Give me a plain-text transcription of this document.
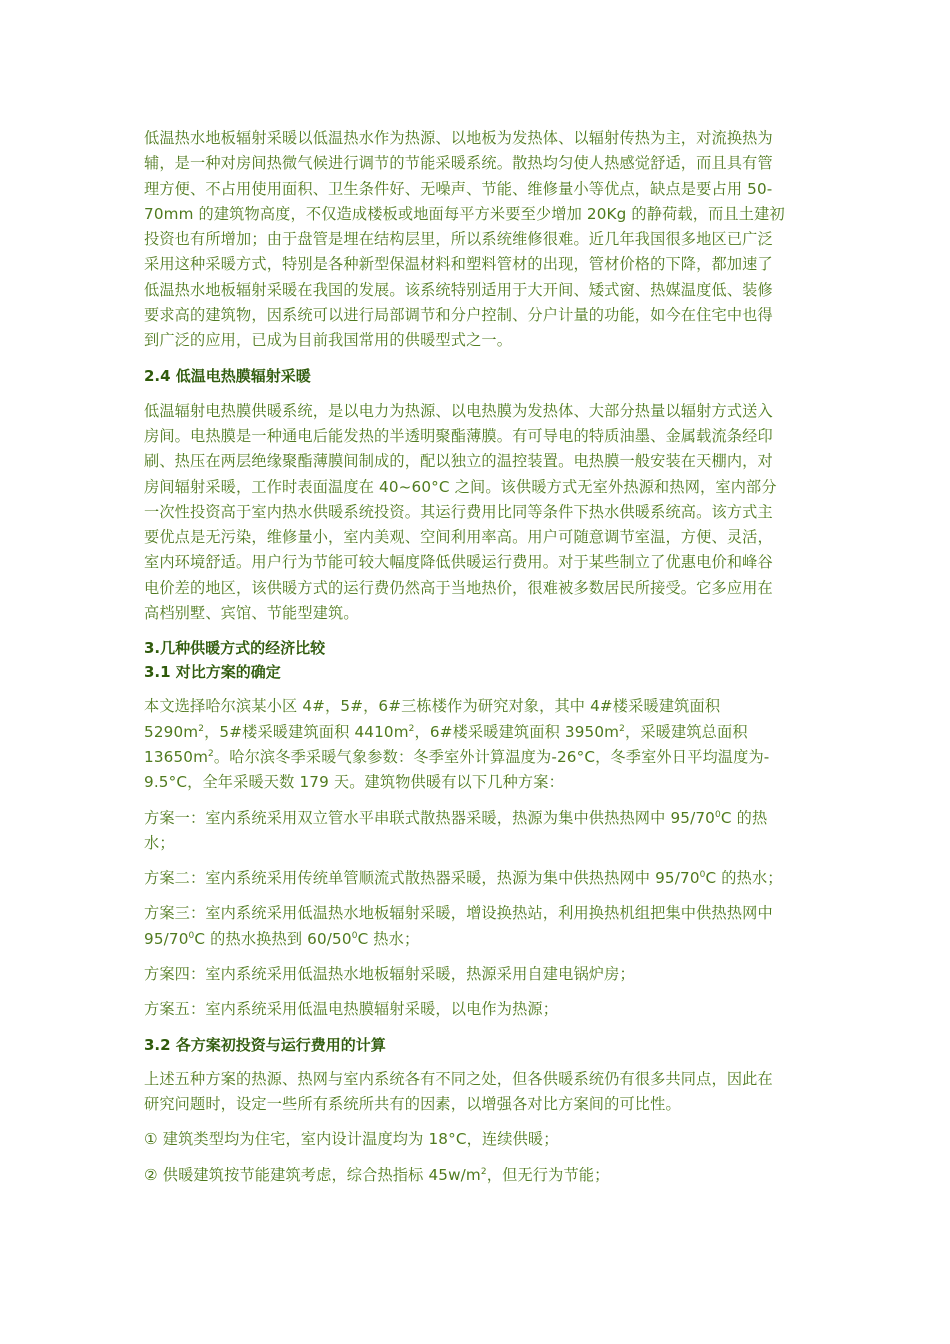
低温热水地板辐射采暖以低温热水作为热源、以地板为发热体、以辐射传热为主，对流换热为
辅，是一种对房间热微气候进行调节的节能采暖系统。散热均匀使人热感觉舒适，而且具有管
理方便、不占用使用面积、卫生条件好、无噪声、节能、维修量小等优点，缺点是要占用 50-
70mm 的建筑物高度，不仅造成楼板或地面每平方米要至少增加 20Kg 的静荷载，而且土建初
投资也有所增加；由于盘管是埋在结构层里，所以系统维修很难。近几年我国很多地区已广泛
采用这种采暖方式，特别是各种新型保温材料和塑料管材的出现，管材价格的下降，都加速了
低温热水地板辐射采暖在我国的发展。该系统特别适用于大开间、矮式窗、热媒温度低、装修
要求高的建筑物，因系统可以进行局部调节和分户控制、分户计量的功能，如今在住宅中也得
到广泛的应用，已成为目前我国常用的供暖型式之一。
2.4 低温电热膜辐射采暖
低温辐射电热膜供暖系统，是以电力为热源、以电热膜为发热体、大部分热量以辐射方式送入
房间。电热膜是一种通电后能发热的半透明聚酯薄膜。有可导电的特质油墨、金属载流条经印
刷、热压在两层绝缘聚酯薄膜间制成的，配以独立的温控装置。电热膜一般安装在天棚内，对
房间辐射采暖，工作时表面温度在 40~60°C 之间。该供暖方式无室外热源和热网，室内部分
一次性投资高于室内热水供暖系统投资。其运行费用比同等条件下热水供暖系统高。该方式主
要优点是无污染，维修量小，室内美观、空间利用率高。用户可随意调节室温，方便、灵活，
室内环境舒适。用户行为节能可较大幅度降低供暖运行费用。对于某些制立了优惠电价和峰谷
电价差的地区，该供暖方式的运行费仍然高于当地热价，很难被多数居民所接受。它多应用在
高档别墅、宾馆、节能型建筑。
3.几种供暖方式的经济比较
3.1 对比方案的确定
本文选择哈尔滨某小区 4#，5#，6#三栋楼作为研究对象，其中 4#楼采暖建筑面积
$5290m^2$，5#楼采暖建筑面积 $4410m^2$，6#楼采暖建筑面积 $3950m^2$，采暖建筑总面积
$13650m^2$。哈尔滨冬季采暖气象参数：冬季室外计算温度为-26°C，冬季室外日平均温度为-
9.5°C，全年采暖天数 179 天。建筑物供暖有以下几种方案：
方案一：室内系统采用双立管水平串联式散热器采暖，热源为集中供热热网中 $95/70^0C$ 的热
水；
方案二：室内系统采用传统单管顺流式散热器采暖，热源为集中供热热网中 $95/70^0C$ 的热水；
方案三：室内系统采用低温热水地板辐射采暖，增设换热站，利用换热机组把集中供热热网中
$95/70^0C$ 的热水换热到 $60/50^0C$ 热水；
方案四：室内系统采用低温热水地板辐射采暖，热源采用自建电锅炉房；
方案五：室内系统采用低温电热膜辐射采暖，以电作为热源；
3.2 各方案初投资与运行费用的计算
上述五种方案的热源、热网与室内系统各有不同之处，但各供暖系统仍有很多共同点，因此在
研究问题时，设定一些所有系统所共有的因素，以增强各对比方案间的可比性。
① 建筑类型均为住宅，室内设计温度均为 18°C，连续供暖；
② 供暖建筑按节能建筑考虑，综合热指标 $45w/m^2$，但无行为节能；
